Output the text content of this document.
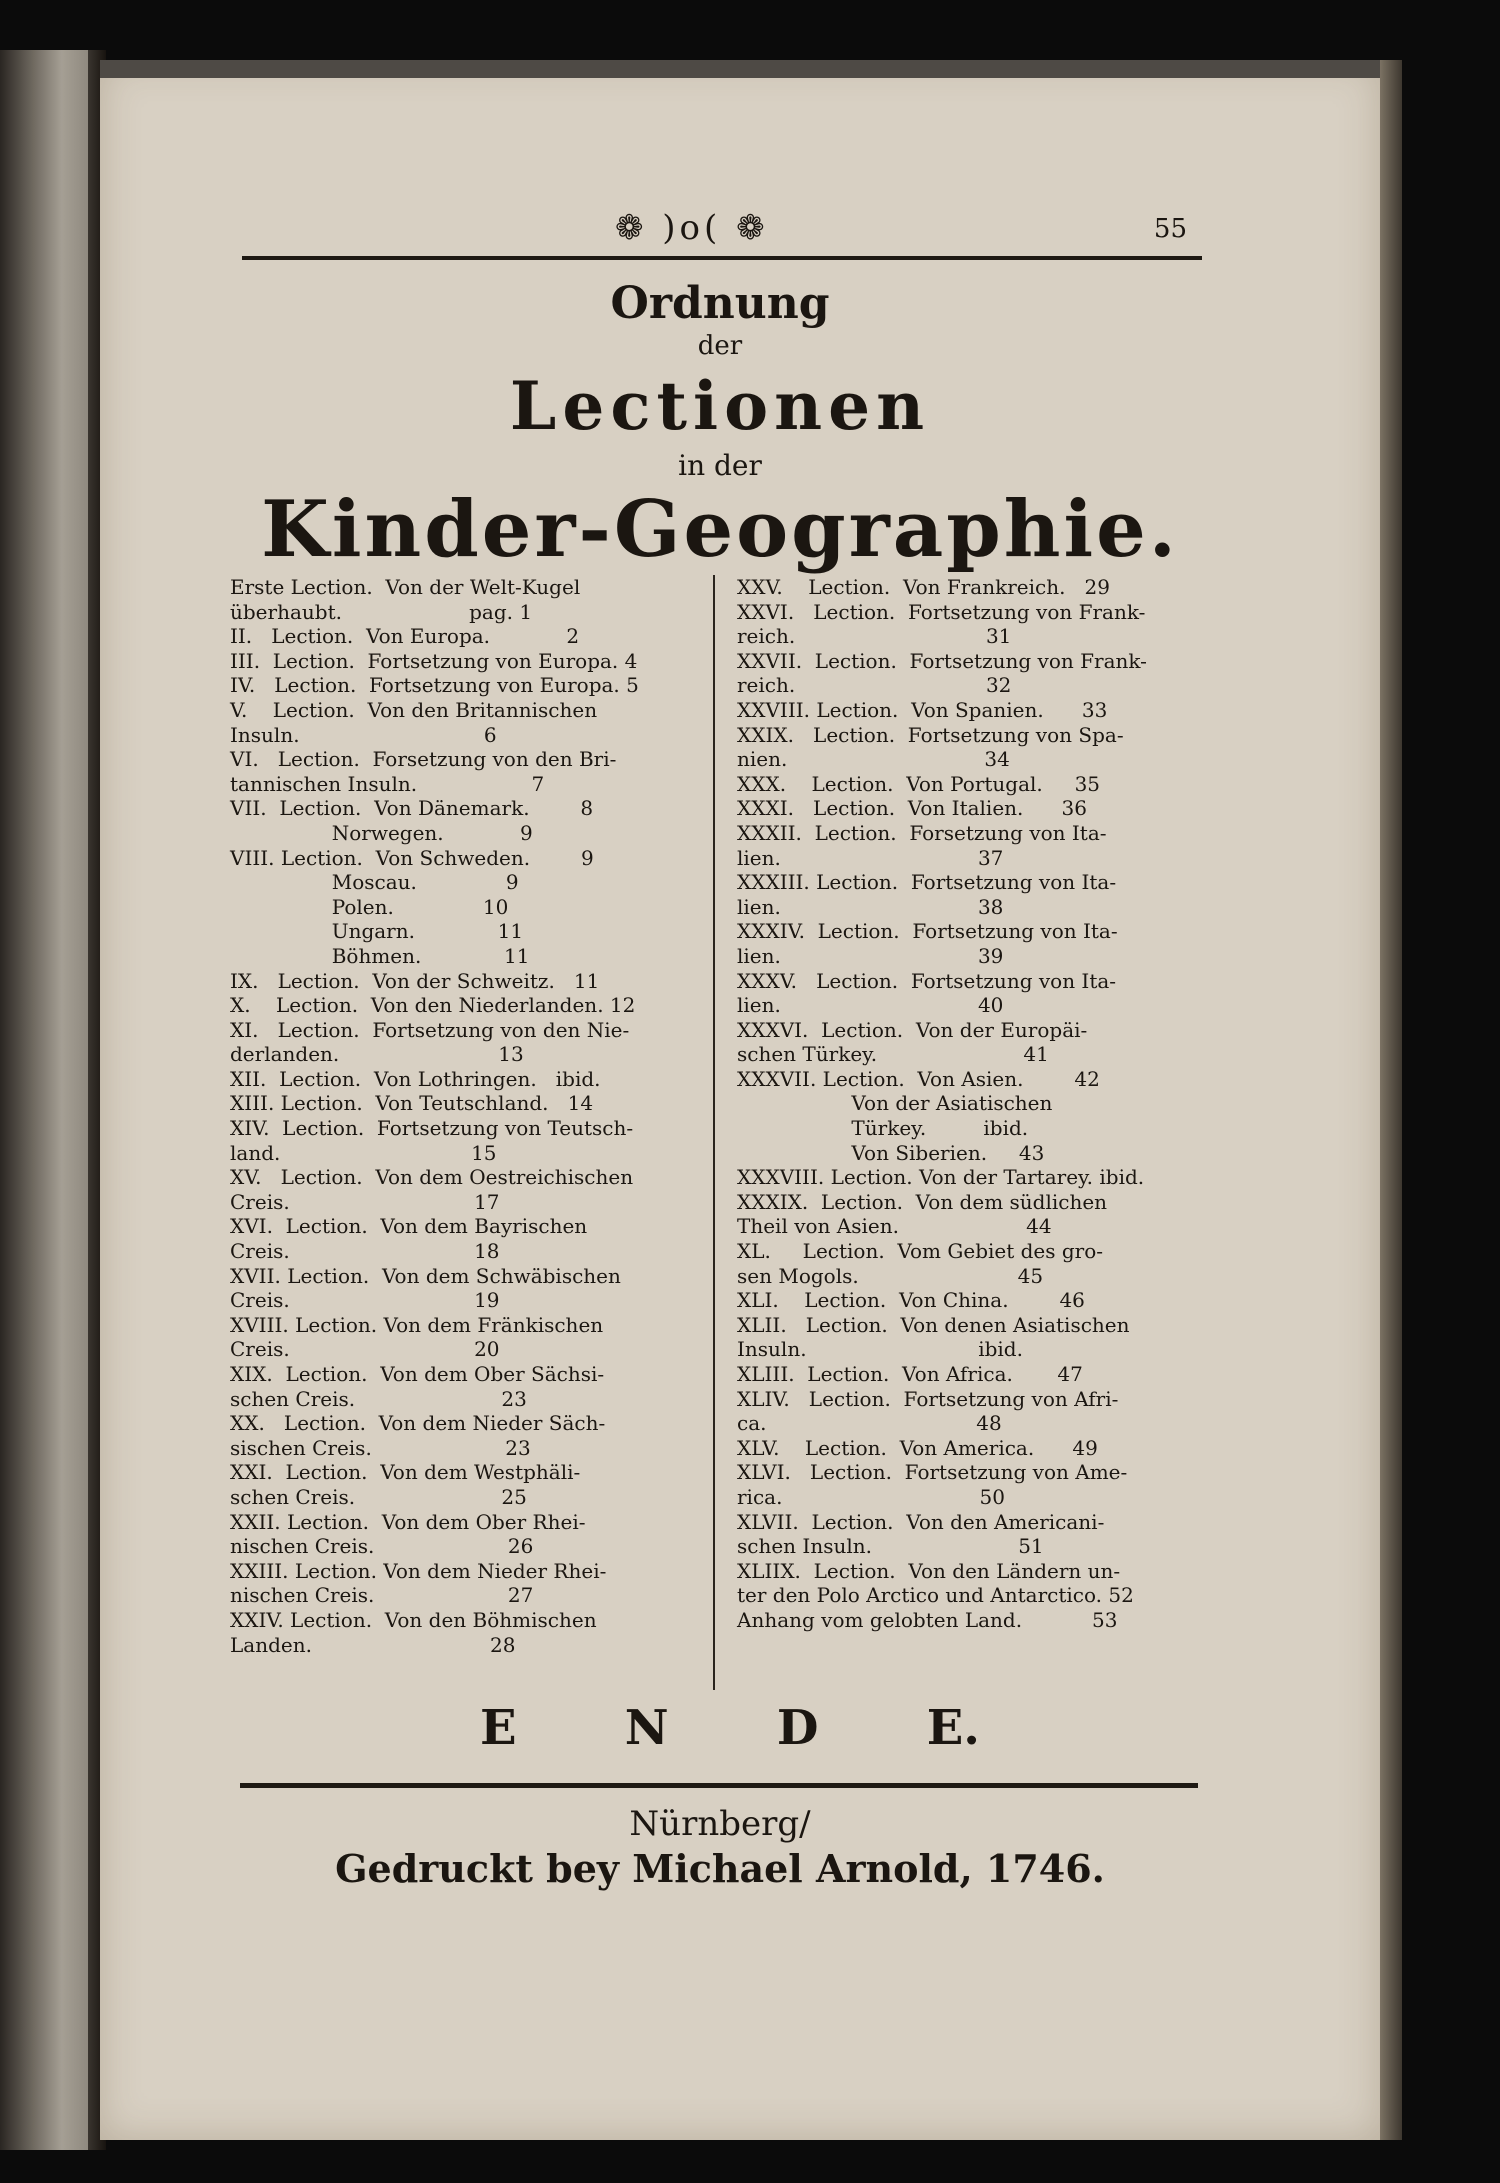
❁ )o( ❁	55
Ordnung
der
Lectionen
in der
Kinder-Geographie.
Erste Lection.  Von der Welt-Kugel
überhaubt.                    pag. 1
II.   Lection.  Von Europa.            2
III.  Lection.  Fortsetzung von Europa. 4
IV.   Lection.  Fortsetzung von Europa. 5
V.    Lection.  Von den Britannischen
Insuln.                             6
VI.   Lection.  Forsetzung von den Bri-
tannischen Insuln.                  7
VII.  Lection.  Von Dänemark.        8
Norwegen.            9
VIII. Lection.  Von Schweden.        9
Moscau.              9
Polen.              10
Ungarn.             11
Böhmen.             11
IX.   Lection.  Von der Schweitz.   11
X.    Lection.  Von den Niederlanden. 12
XI.   Lection.  Fortsetzung von den Nie-
derlanden.                         13
XII.  Lection.  Von Lothringen.   ibid.
XIII. Lection.  Von Teutschland.   14
XIV.  Lection.  Fortsetzung von Teutsch-
land.                              15
XV.   Lection.  Von dem Oestreichischen
Creis.                             17
XVI.  Lection.  Von dem Bayrischen
Creis.                             18
XVII. Lection.  Von dem Schwäbischen
Creis.                             19
XVIII. Lection. Von dem Fränkischen
Creis.                             20
XIX.  Lection.  Von dem Ober Sächsi-
schen Creis.                       23
XX.   Lection.  Von dem Nieder Säch-
sischen Creis.                     23
XXI.  Lection.  Von dem Westphäli-
schen Creis.                       25
XXII. Lection.  Von dem Ober Rhei-
nischen Creis.                     26
XXIII. Lection. Von dem Nieder Rhei-
nischen Creis.                     27
XXIV. Lection.  Von den Böhmischen
Landen.                            28
XXV.    Lection.  Von Frankreich.   29
XXVI.   Lection.  Fortsetzung von Frank-
reich.                              31
XXVII.  Lection.  Fortsetzung von Frank-
reich.                              32
XXVIII. Lection.  Von Spanien.      33
XXIX.   Lection.  Fortsetzung von Spa-
nien.                               34
XXX.    Lection.  Von Portugal.     35
XXXI.   Lection.  Von Italien.      36
XXXII.  Lection.  Forsetzung von Ita-
lien.                               37
XXXIII. Lection.  Fortsetzung von Ita-
lien.                               38
XXXIV.  Lection.  Fortsetzung von Ita-
lien.                               39
XXXV.   Lection.  Fortsetzung von Ita-
lien.                               40
XXXVI.  Lection.  Von der Europäi-
schen Türkey.                       41
XXXVII. Lection.  Von Asien.        42
Von der Asiatischen
Türkey.         ibid.
Von Siberien.     43
XXXVIII. Lection. Von der Tartarey. ibid.
XXXIX.  Lection.  Von dem südlichen
Theil von Asien.                    44
XL.     Lection.  Vom Gebiet des gro-
sen Mogols.                         45
XLI.    Lection.  Von China.        46
XLII.   Lection.  Von denen Asiatischen
Insuln.                           ibid.
XLIII.  Lection.  Von Africa.       47
XLIV.   Lection.  Fortsetzung von Afri-
ca.                                 48
XLV.    Lection.  Von America.      49
XLVI.   Lection.  Fortsetzung von Ame-
rica.                               50
XLVII.  Lection.  Von den Americani-
schen Insuln.                       51
XLIIX.  Lection.  Von den Ländern un-
ter den Polo Arctico und Antarctico. 52
Anhang vom gelobten Land.           53
E N D E.
Nürnberg/
Gedruckt bey Michael Arnold, 1746.
